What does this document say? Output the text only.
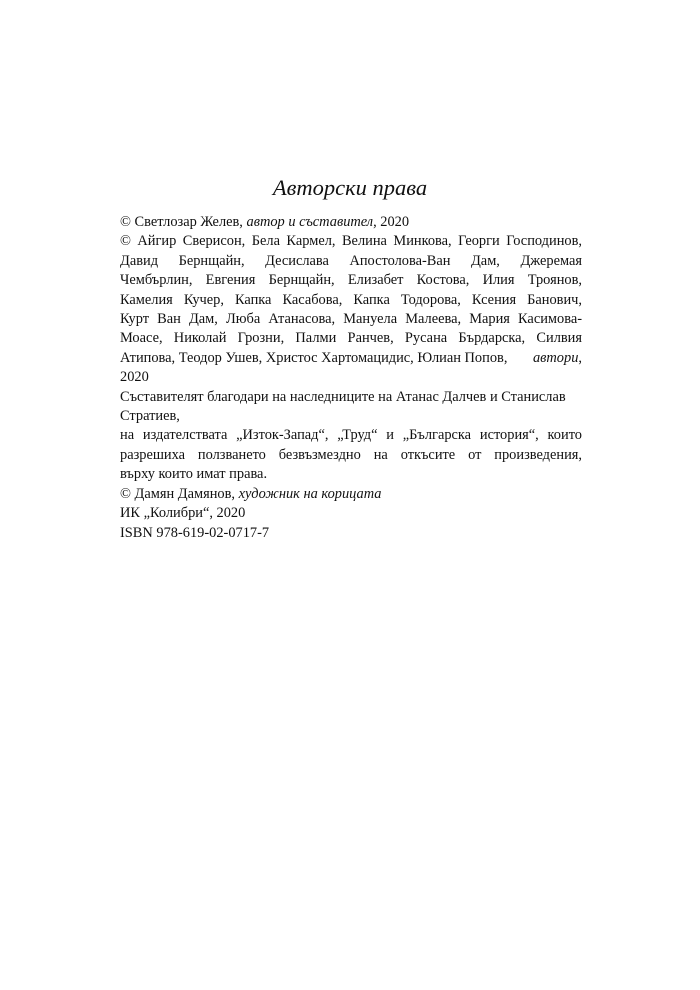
Авторски права
© Светлозар Желев, автор и съставител, 2020
© Айгир Сверисон, Бела Кармел, Велина Минкова, Георги Господинов,
Давид Бернщайн, Десислава Апостолова-Ван Дам, Джеремая
Чембърлин, Евгения Бернщайн, Елизабет Костова, Илия Троянов,
Камелия Кучер, Капка Касабова, Капка Тодорова, Ксения Банович,
Курт Ван Дам, Люба Атанасова, Мануела Малеева, Мария Касимова-
Моасе, Николай Грозни, Палми Ранчев, Русана Бърдарска, Силвия
Атипова, Теодор Ушев, Христос Хартомацидис, Юлиан Попов, автори,
2020
Съставителят благодари на наследниците на Атанас Далчев и Станислав
Стратиев,
на издателствата „Изток-Запад“, „Труд“ и „Българска история“, които
разрешиха ползването безвъзмездно на откъсите от произведения,
върху които имат права.
© Дамян Дамянов, художник на корицата
ИК „Колибри“, 2020
ISBN 978-619-02-0717-7
